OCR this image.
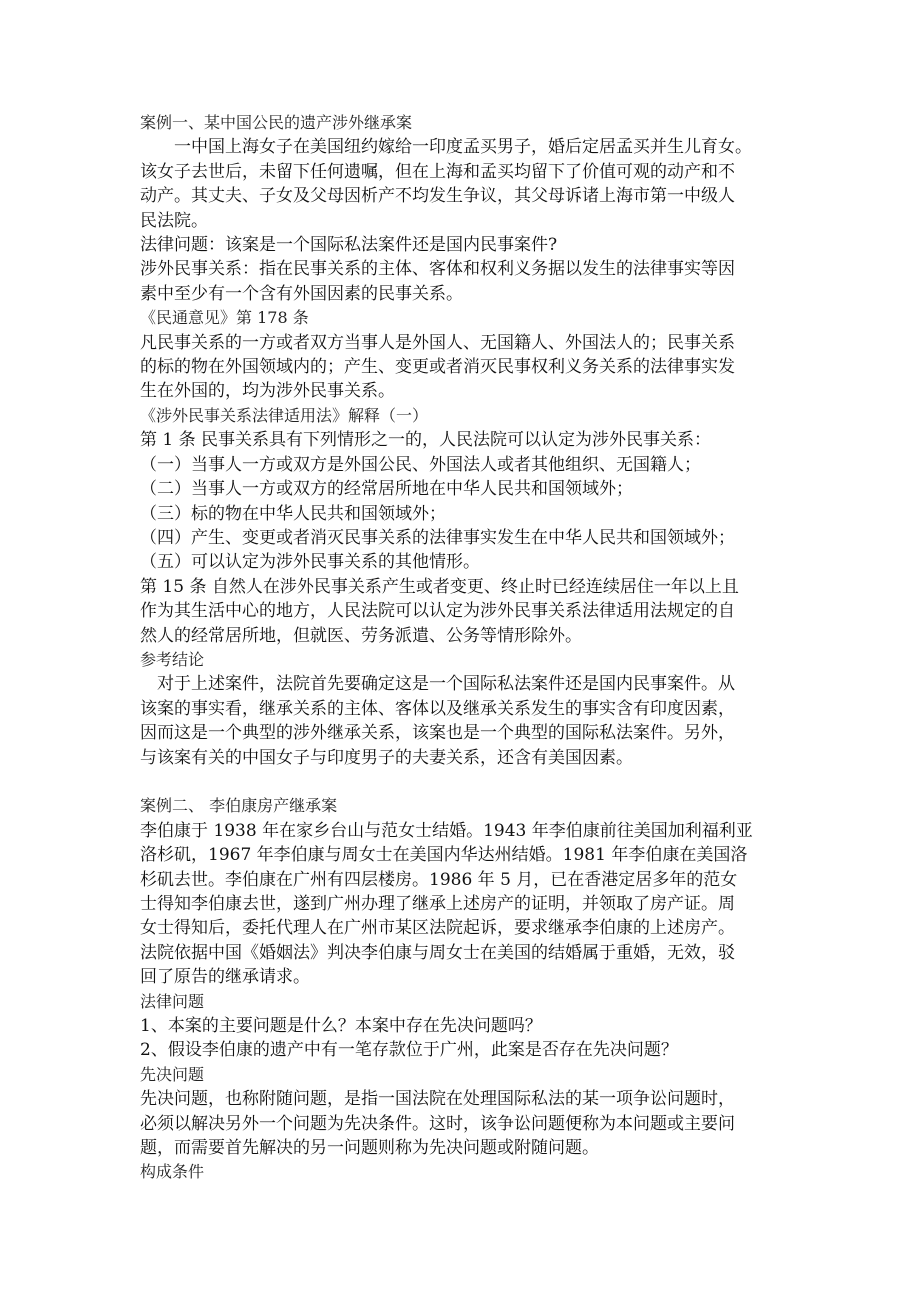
案例一、某中国公民的遗产涉外继承案

　　一中国上海女子在美国纽约嫁给一印度孟买男子，婚后定居孟买并生儿育女。

该女子去世后，未留下任何遗嘱，但在上海和孟买均留下了价值可观的动产和不

动产。其丈夫、子女及父母因析产不均发生争议，其父母诉诸上海市第一中级人

民法院。

法律问题：该案是一个国际私法案件还是国内民事案件?

涉外民事关系：指在民事关系的主体、客体和权利义务据以发生的法律事实等因

素中至少有一个含有外国因素的民事关系。

《民通意见》第 178 条

凡民事关系的一方或者双方当事人是外国人、无国籍人、外国法人的；民事关系

的标的物在外国领域内的；产生、变更或者消灭民事权利义务关系的法律事实发

生在外国的，均为涉外民事关系。

《涉外民事关系法律适用法》解释（一）

第 1 条 民事关系具有下列情形之一的，人民法院可以认定为涉外民事关系：

（一）当事人一方或双方是外国公民、外国法人或者其他组织、无国籍人；

（二）当事人一方或双方的经常居所地在中华人民共和国领域外；

（三）标的物在中华人民共和国领域外；

（四）产生、变更或者消灭民事关系的法律事实发生在中华人民共和国领域外；

（五）可以认定为涉外民事关系的其他情形。

第 15 条 自然人在涉外民事关系产生或者变更、终止时已经连续居住一年以上且

作为其生活中心的地方，人民法院可以认定为涉外民事关系法律适用法规定的自

然人的经常居所地，但就医、劳务派遣、公务等情形除外。

参考结论

　对于上述案件，法院首先要确定这是一个国际私法案件还是国内民事案件。从

该案的事实看，继承关系的主体、客体以及继承关系发生的事实含有印度因素，

因而这是一个典型的涉外继承关系，该案也是一个典型的国际私法案件。另外，

与该案有关的中国女子与印度男子的夫妻关系，还含有美国因素。

案例二、 李伯康房产继承案

李伯康于 1938 年在家乡台山与范女士结婚。1943 年李伯康前往美国加利福利亚

洛杉矶，1967 年李伯康与周女士在美国内华达州结婚。1981 年李伯康在美国洛

杉矶去世。李伯康在广州有四层楼房。1986 年 5 月，已在香港定居多年的范女

士得知李伯康去世，遂到广州办理了继承上述房产的证明，并领取了房产证。周

女士得知后，委托代理人在广州市某区法院起诉，要求继承李伯康的上述房产。

法院依据中国《婚姻法》判决李伯康与周女士在美国的结婚属于重婚，无效，驳

回了原告的继承请求。

法律问题

1、本案的主要问题是什么？本案中存在先决问题吗？

2、假设李伯康的遗产中有一笔存款位于广州，此案是否存在先决问题？

先决问题

先决问题，也称附随问题，是指一国法院在处理国际私法的某一项争讼问题时，

必须以解决另外一个问题为先决条件。这时，该争讼问题便称为本问题或主要问

题，而需要首先解决的另一问题则称为先决问题或附随问题。

构成条件
